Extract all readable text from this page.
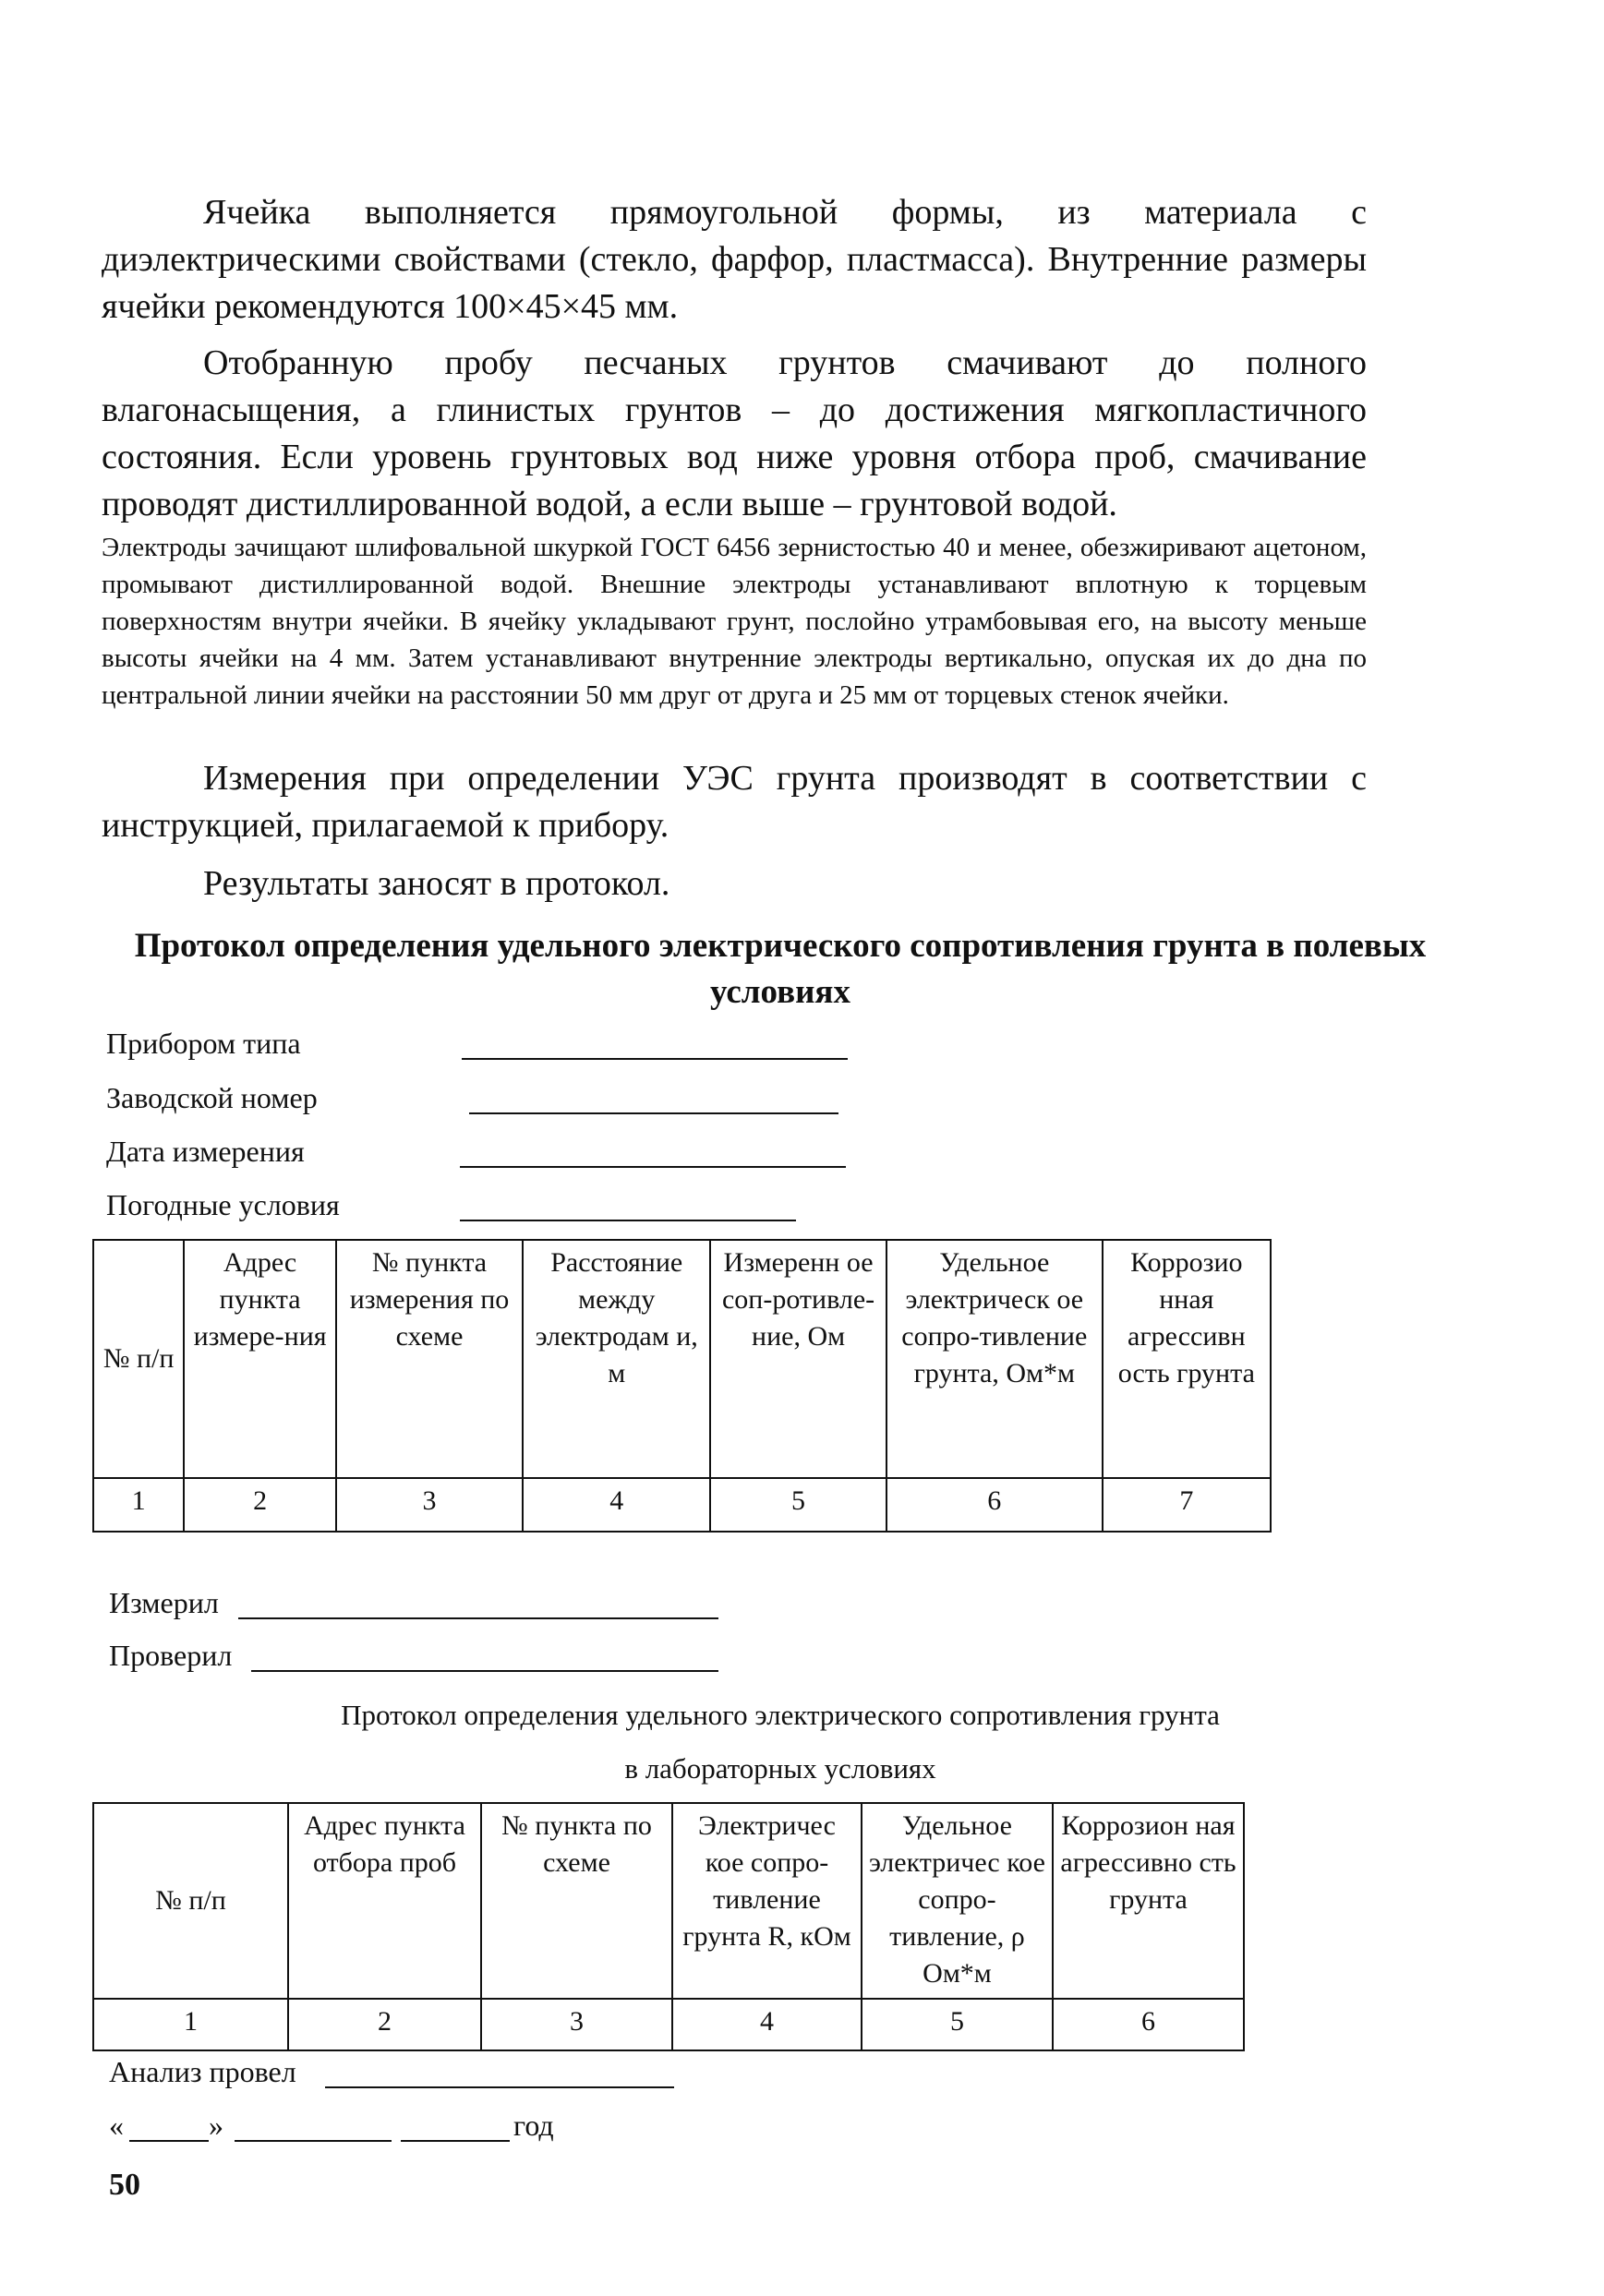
Ячейка выполняется прямоугольной формы, из материала с диэлектрическими свойствами (стекло, фарфор, пластмасса). Внутренние размеры ячейки рекомендуются 100×45×45 мм.

Отобранную пробу песчаных грунтов смачивают до полного влагонасыщения, а глинистых грунтов – до достижения мягкопластичного состояния. Если уровень грунтовых вод ниже уровня отбора проб, смачивание проводят дистиллированной водой, а если выше – грунтовой водой.

Электроды зачищают шлифовальной шкуркой ГОСТ 6456 зернистостью 40 и менее, обезжиривают ацетоном, промывают дистиллированной водой. Внешние электроды устанавливают вплотную к торцевым поверхностям внутри ячейки. В ячейку укладывают грунт, послойно утрамбовывая его, на высоту меньше высоты ячейки на 4 мм. Затем устанавливают внутренние электроды вертикально, опуская их до дна по центральной линии ячейки на расстоянии 50 мм друг от друга и 25 мм от торцевых стенок ячейки.

Измерения при определении УЭС грунта производят в соответствии с инструкцией, прилагаемой к прибору.

Результаты заносят в протокол.

Протокол определения удельного электрического сопротивления грунта в полевых условиях

Прибором типа
Заводской номер
Дата измерения
Погодные условия
№ п/п	Адрес пункта измере-ния	№ пункта измерения по схеме	Расстояние между электродам и, м	Измеренн ое соп-ротивле-ние, Ом	Удельное электрическ ое сопро-тивление грунта, Ом*м	Коррозио нная агрессивн ость грунта
1	2	3	4	5	6	7
Измерил
Проверил

Протокол определения удельного электрического сопротивления грунта

в лабораторных условиях

№ п/п	Адрес пункта отбора проб	№ пункта по схеме	Электричес кое сопро-тивление грунта R, кОм	Удельное электричес кое сопро-тивление, ρ Ом*м	Коррозион ная агрессивно сть грунта
1	2	3	4	5	6
Анализ провел
«	»	год
50
